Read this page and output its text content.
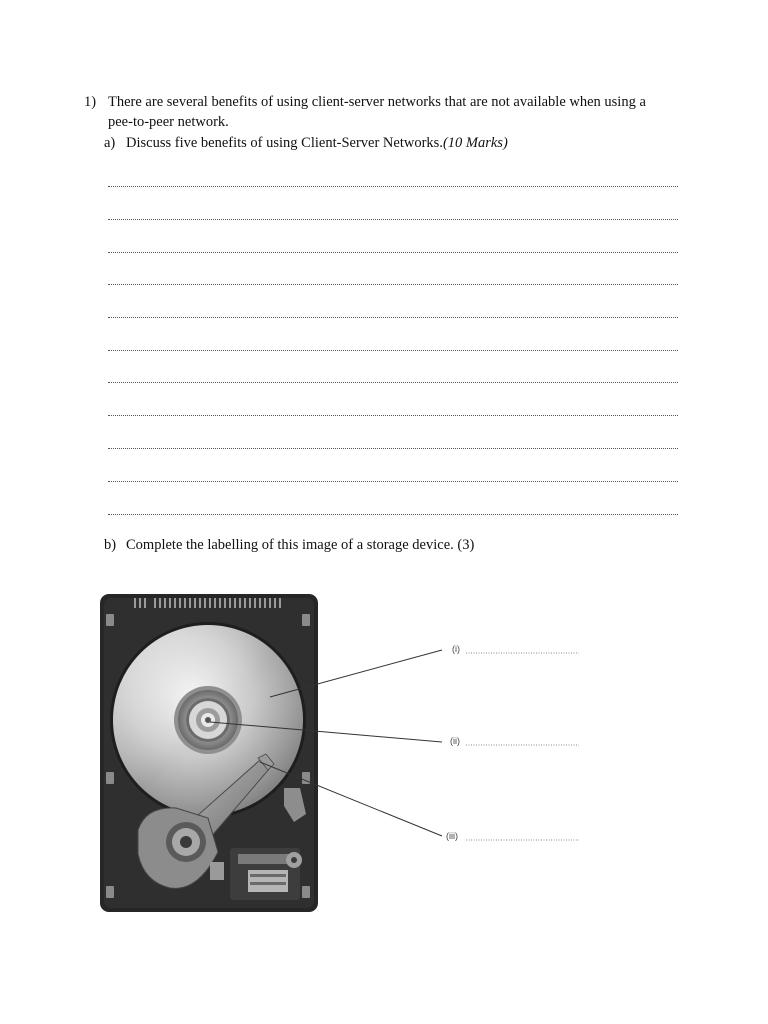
1) There are several benefits of using client-server networks that are not available when using a
pee-to-peer network.
a) Discuss five benefits of using Client-Server Networks.(10 Marks)
b) Complete the labelling of this image of a storage device. (3)
(i)
(ii)
(iii)
